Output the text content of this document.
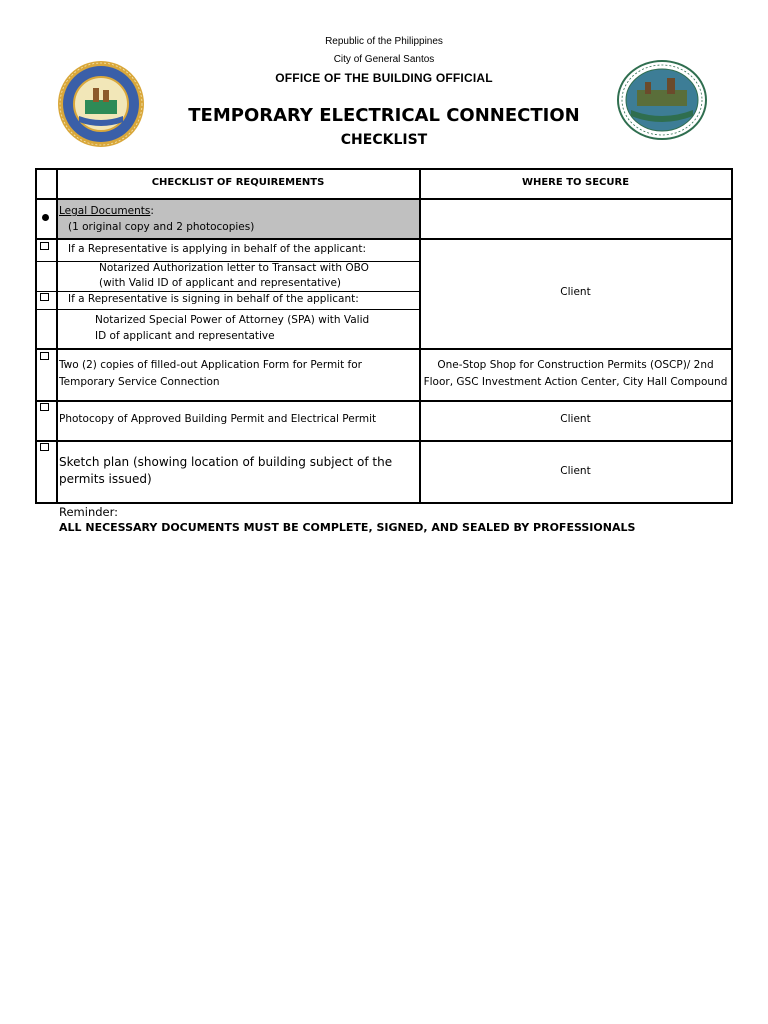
Republic of the Philippines
City of General Santos
OFFICE OF THE BUILDING OFFICIAL
TEMPORARY ELECTRICAL CONNECTION
CHECKLIST
CHECKLIST OF REQUIREMENTS	WHERE TO SECURE
Legal Documents:
(1 original copy and 2 photocopies)
If a Representative is applying in behalf of the applicant:
Notarized Authorization letter to Transact with OBO
(with Valid ID of applicant and representative)
If a Representative is signing in behalf of the applicant:
Notarized Special Power of Attorney (SPA) with Valid
ID of applicant and representative
Client
Two (2) copies of filled-out Application Form for Permit for
Temporary Service Connection
One-Stop Shop for Construction Permits (OSCP)/ 2nd
Floor, GSC Investment Action Center, City Hall Compound
Photocopy of Approved Building Permit and Electrical Permit	Client
Sketch plan (showing location of building subject of the
permits issued)
Client
Reminder:
ALL NECESSARY DOCUMENTS MUST BE COMPLETE, SIGNED, AND SEALED BY PROFESSIONALS
